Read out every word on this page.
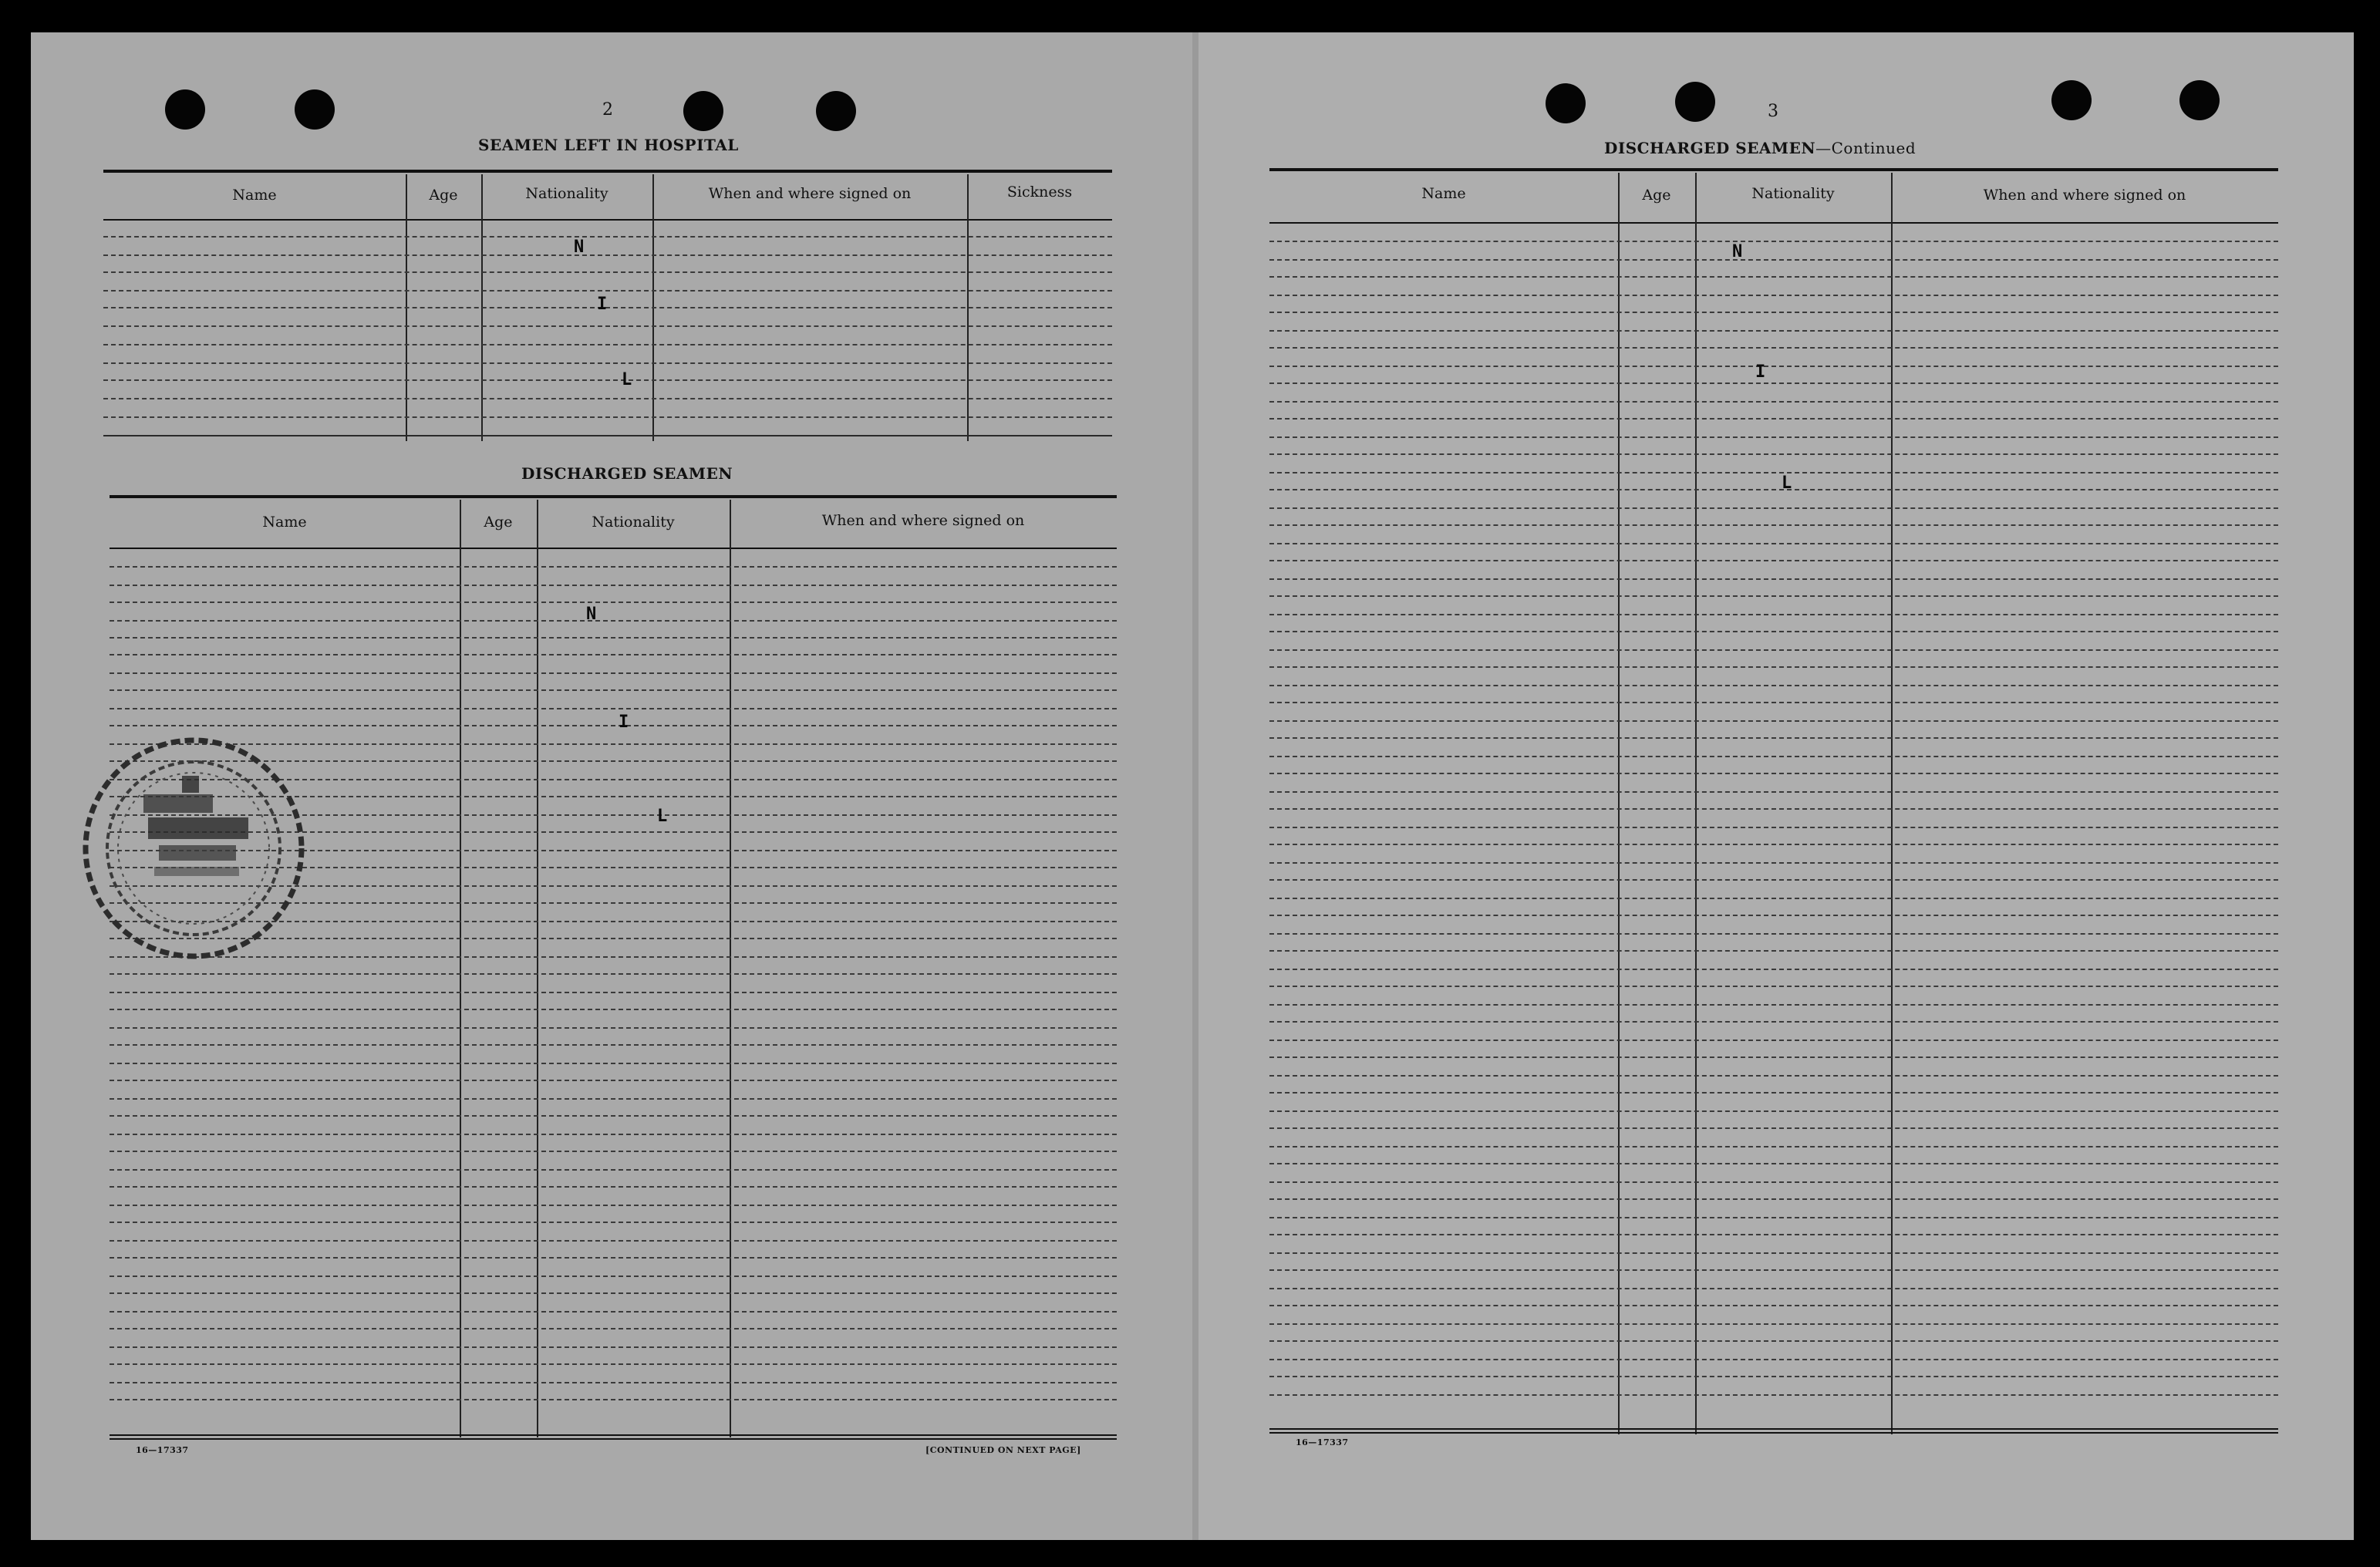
2
SEAMEN LEFT IN HOSPITAL
Name	Age	Nationality	When and where signed on	Sickness
N
I
L
DISCHARGED SEAMEN
Name	Age	Nationality	When and where signed on
N
I
L
16—17337	[CONTINUED ON NEXT PAGE]
3
DISCHARGED SEAMEN—Continued
Name	Age	Nationality	When and where signed on
N
I
L
16—17337
